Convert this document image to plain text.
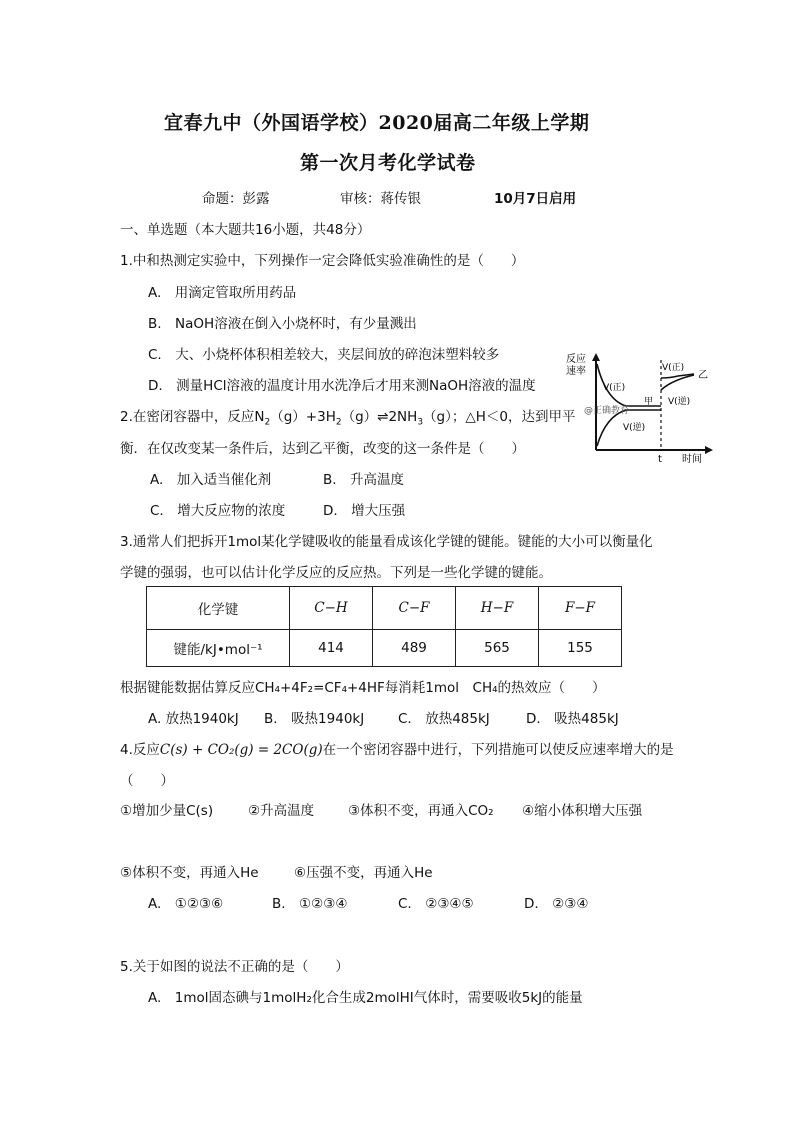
宜春九中（外国语学校）2020届高二年级上学期
第一次月考化学试卷
命题：彭露	审核：蒋传银	10月7日启用
一、单选题（本大题共16小题，共48分）
1.中和热测定实验中，下列操作一定会降低实验准确性的是（　　）
A.　用滴定管取所用药品
B.　NaOH溶液在倒入小烧杯时，有少量溅出
C.　大、小烧杯体积相差较大，夹层间放的碎泡沫塑料较多
D.　测量HCl溶液的温度计用水洗净后才用来测NaOH溶液的温度
2.在密闭容器中，反应$N_2(g)+3H_2(g)\rightleftharpoons 2NH_3(g)$；△H＜0，达到甲平
衡．在仅改变某一条件后，达到乙平衡，改变的这一条件是（　　）
A.　加入适当催化剂	B.　升高温度
C.　增大反应物的浓度	D.　增大压强
反应
速率
时间
t
V(正)
V(逆)
V(正)
V(逆)
甲
乙
@正确教育
3.通常人们把拆开1mol某化学键吸收的能量看成该化学键的键能。键能的大小可以衡量化
学键的强弱，也可以估计化学反应的反应热。下列是一些化学键的键能。
化学键	C−H	C−F	H−F	F−F
键能/kJ•mol⁻¹	414	489	565	155
根据键能数据估算反应CH₄+4F₂=CF₄+4HF每消耗1mol　CH₄的热效应（　　）
A. 放热1940kJ B.　吸热1940kJ	C.　放热485kJ	D.　吸热485kJ
4.反应C(s) + CO₂(g) = 2CO(g)在一个密闭容器中进行，下列措施可以使反应速率增大的是
（　　）
①增加少量C(s)	②升高温度	③体积不变，再通入CO₂ ④缩小体积增大压强
⑤体积不变，再通入He	⑥压强不变，再通入He
A.　①②③⑥	B.　①②③④	C.　②③④⑤	D.　②③④
5.关于如图的说法不正确的是（　　）
A.　1mol固态碘与1molH₂化合生成2molHI气体时，需要吸收5kJ的能量
